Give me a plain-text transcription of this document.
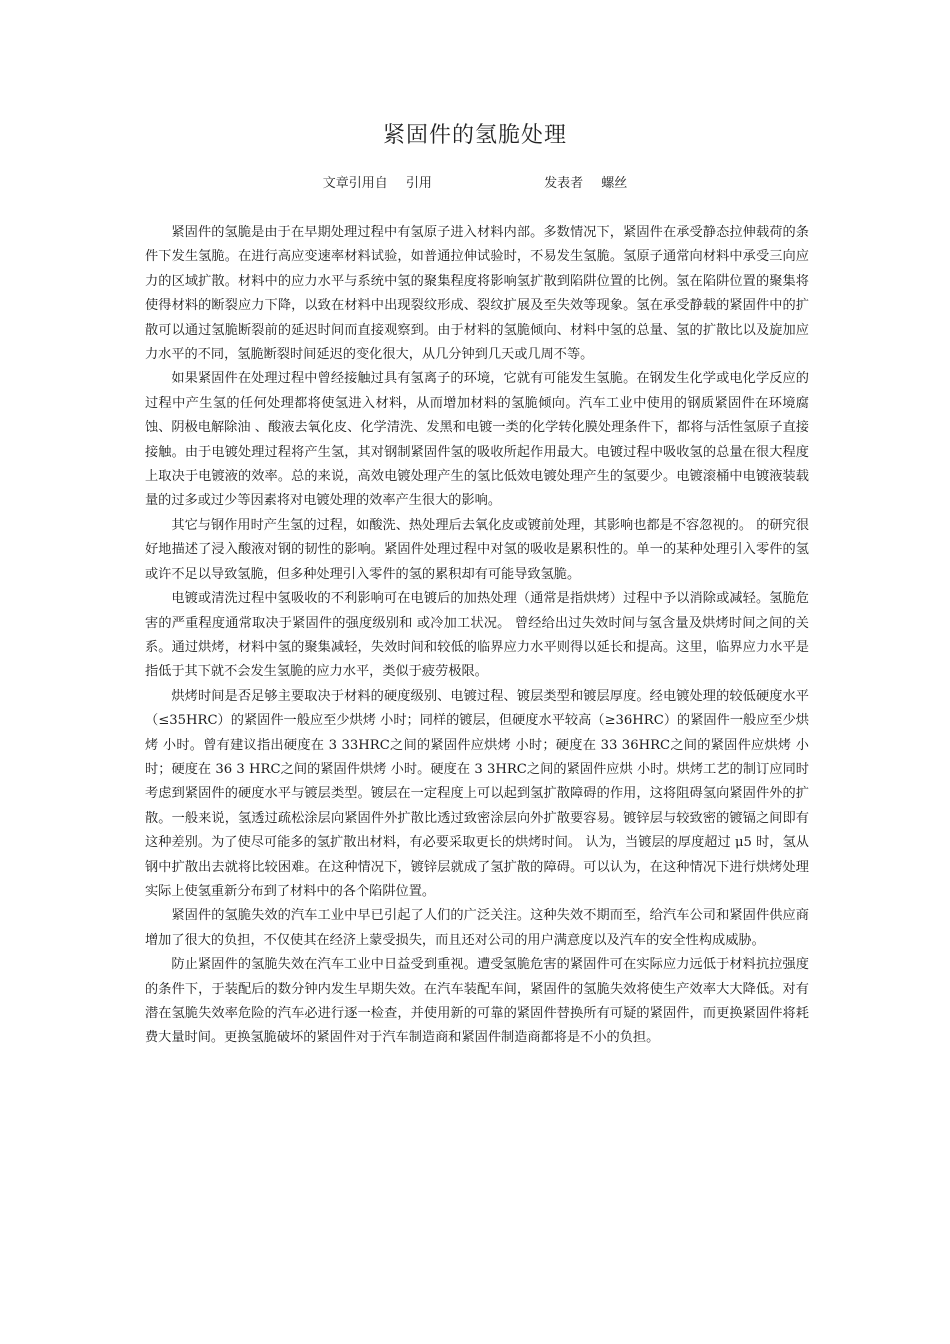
紧固件的氢脆处理
文章引用自 引用	发表者 螺丝

紧固件的氢脆是由于在早期处理过程中有氢原子进入材料内部。多数情况下，紧固件在承受静态拉伸载荷的条件下发生氢脆。在进行高应变速率材料试验，如普通拉伸试验时，不易发生氢脆。氢原子通常向材料中承受三向应力的区域扩散。材料中的应力水平与系统中氢的聚集程度将影响氢扩散到陷阱位置的比例。氢在陷阱位置的聚集将使得材料的断裂应力下降，以致在材料中出现裂纹形成、裂纹扩展及至失效等现象。氢在承受静载的紧固件中的扩散可以通过氢脆断裂前的延迟时间而直接观察到。由于材料的氢脆倾向、材料中氢的总量、氢的扩散比以及旋加应力水平的不同，氢脆断裂时间延迟的变化很大，从几分钟到几天或几周不等。

如果紧固件在处理过程中曾经接触过具有氢离子的环境，它就有可能发生氢脆。在钢发生化学或电化学反应的过程中产生氢的任何处理都将使氢进入材料，从而增加材料的氢脆倾向。汽车工业中使用的钢质紧固件在环境腐蚀、阴极电解除油 、酸液去氧化皮、化学清洗、发黑和电镀一类的化学转化膜处理条件下，都将与活性氢原子直接接触。由于电镀处理过程将产生氢，其对钢制紧固件氢的吸收所起作用最大。电镀过程中吸收氢的总量在很大程度上取决于电镀液的效率。总的来说，高效电镀处理产生的氢比低效电镀处理产生的氢要少。电镀滚桶中电镀液装载量的过多或过少等因素将对电镀处理的效率产生很大的影响。

其它与钢作用时产生氢的过程，如酸洗、热处理后去氧化皮或镀前处理，其影响也都是不容忽视的。 的研究很好地描述了浸入酸液对钢的韧性的影响。紧固件处理过程中对氢的吸收是累积性的。单一的某种处理引入零件的氢或许不足以导致氢脆，但多种处理引入零件的氢的累积却有可能导致氢脆。

电镀或清洗过程中氢吸收的不利影响可在电镀后的加热处理（通常是指烘烤）过程中予以消除或减轻。氢脆危害的严重程度通常取决于紧固件的强度级别和 或冷加工状况。 曾经给出过失效时间与氢含量及烘烤时间之间的关系。通过烘烤，材料中氢的聚集减轻，失效时间和较低的临界应力水平则得以延长和提高。这里，临界应力水平是指低于其下就不会发生氢脆的应力水平，类似于疲劳极限。

烘烤时间是否足够主要取决于材料的硬度级别、电镀过程、镀层类型和镀层厚度。经电镀处理的较低硬度水平（≤35HRC）的紧固件一般应至少烘烤 小时；同样的镀层，但硬度水平较高（≥36HRC）的紧固件一般应至少烘烤 小时。曾有建议指出硬度在 3 33HRC之间的紧固件应烘烤 小时；硬度在 33 36HRC之间的紧固件应烘烤 小时；硬度在 36 3 HRC之间的紧固件烘烤 小时。硬度在 3 3HRC之间的紧固件应烘 小时。烘烤工艺的制订应同时考虑到紧固件的硬度水平与镀层类型。镀层在一定程度上可以起到氢扩散障碍的作用，这将阻碍氢向紧固件外的扩散。一般来说，氢透过疏松涂层向紧固件外扩散比透过致密涂层向外扩散要容易。镀锌层与较致密的镀镉之间即有这种差别。为了使尽可能多的氢扩散出材料，有必要采取更长的烘烤时间。 认为，当镀层的厚度超过 μ5 时，氢从钢中扩散出去就将比较困难。在这种情况下，镀锌层就成了氢扩散的障碍。可以认为，在这种情况下进行烘烤处理实际上使氢重新分布到了材料中的各个陷阱位置。

紧固件的氢脆失效的汽车工业中早已引起了人们的广泛关注。这种失效不期而至，给汽车公司和紧固件供应商增加了很大的负担，不仅使其在经济上蒙受损失，而且还对公司的用户满意度以及汽车的安全性构成威胁。

防止紧固件的氢脆失效在汽车工业中日益受到重视。遭受氢脆危害的紧固件可在实际应力远低于材料抗拉强度的条件下，于装配后的数分钟内发生早期失效。在汽车装配车间，紧固件的氢脆失效将使生产效率大大降低。对有潜在氢脆失效率危险的汽车必进行逐一检查，并使用新的可靠的紧固件替换所有可疑的紧固件，而更换紧固件将耗费大量时间。更换氢脆破坏的紧固件对于汽车制造商和紧固件制造商都将是不小的负担。
